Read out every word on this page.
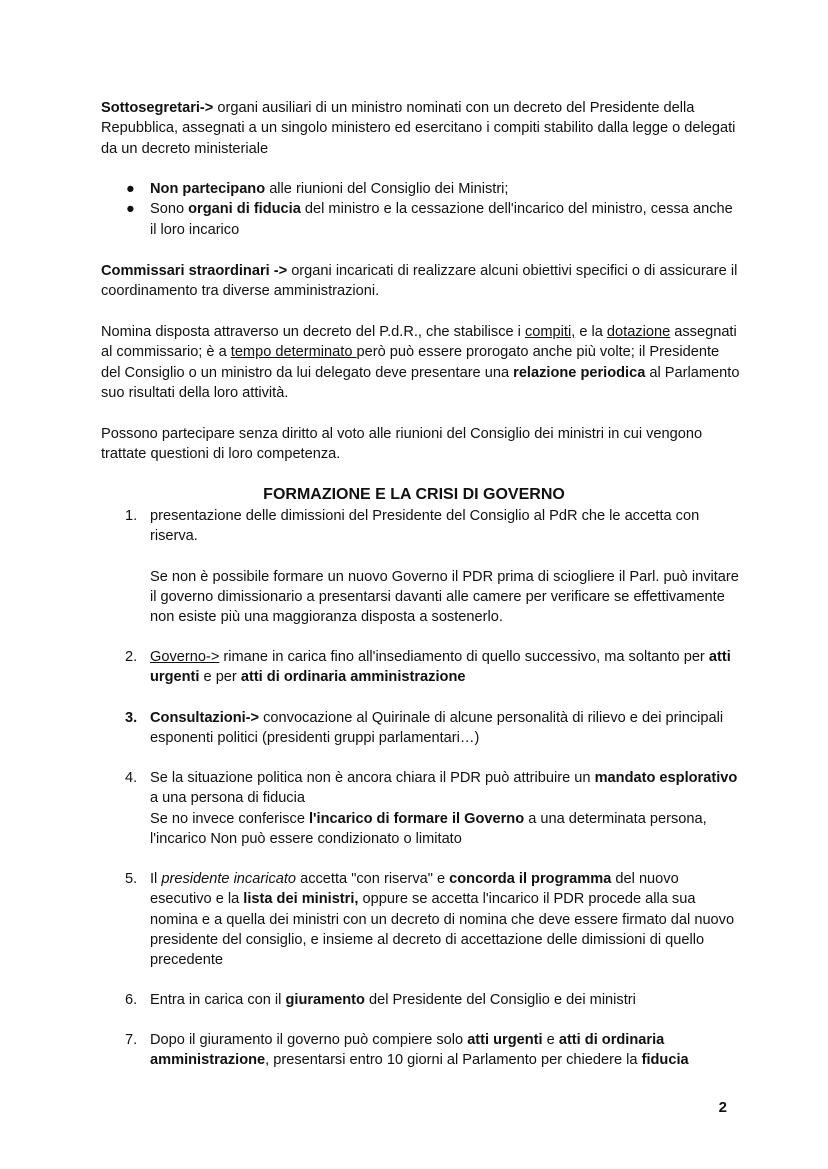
Sottosegretari-> organi ausiliari di un ministro nominati con un decreto del Presidente della Repubblica, assegnati a un singolo ministero ed esercitano i compiti stabilito dalla legge o delegati da un decreto ministeriale

● Non partecipano alle riunioni del Consiglio dei Ministri;
● Sono organi di fiducia del ministro e la cessazione dell'incarico del ministro, cessa anche il loro incarico

Commissari straordinari -> organi incaricati di realizzare alcuni obiettivi specifici o di assicurare il coordinamento tra diverse amministrazioni.

Nomina disposta attraverso un decreto del P.d.R., che stabilisce i compiti, e la dotazione assegnati al commissario; è a tempo determinato però può essere prorogato anche più volte; il Presidente del Consiglio o un ministro da lui delegato deve presentare una relazione periodica al Parlamento suo risultati della loro attività.

Possono partecipare senza diritto al voto alle riunioni del Consiglio dei ministri in cui vengono trattate questioni di loro competenza.

FORMAZIONE E LA CRISI DI GOVERNO
1. presentazione delle dimissioni del Presidente del Consiglio al PdR che le accetta con riserva.

Se non è possibile formare un nuovo Governo il PDR prima di sciogliere il Parl. può invitare il governo dimissionario a presentarsi davanti alle camere per verificare se effettivamente non esiste più una maggioranza disposta a sostenerlo.

2. Governo-> rimane in carica fino all'insediamento di quello successivo, ma soltanto per atti urgenti e per atti di ordinaria amministrazione

3. Consultazioni-> convocazione al Quirinale di alcune personalità di rilievo e dei principali esponenti politici (presidenti gruppi parlamentari…)

4. Se la situazione politica non è ancora chiara il PDR può attribuire un mandato esplorativo a una persona di fiducia

Se no invece conferisce l'incarico di formare il Governo a una determinata persona, l'incarico Non può essere condizionato o limitato

5. Il presidente incaricato accetta "con riserva" e concorda il programma del nuovo esecutivo e la lista dei ministri, oppure se accetta l'incarico il PDR procede alla sua nomina e a quella dei ministri con un decreto di nomina che deve essere firmato dal nuovo presidente del consiglio, e insieme al decreto di accettazione delle dimissioni di quello precedente

6. Entra in carica con il giuramento del Presidente del Consiglio e dei ministri

7. Dopo il giuramento il governo può compiere solo atti urgenti e atti di ordinaria amministrazione, presentarsi entro 10 giorni al Parlamento per chiedere la fiducia

2
